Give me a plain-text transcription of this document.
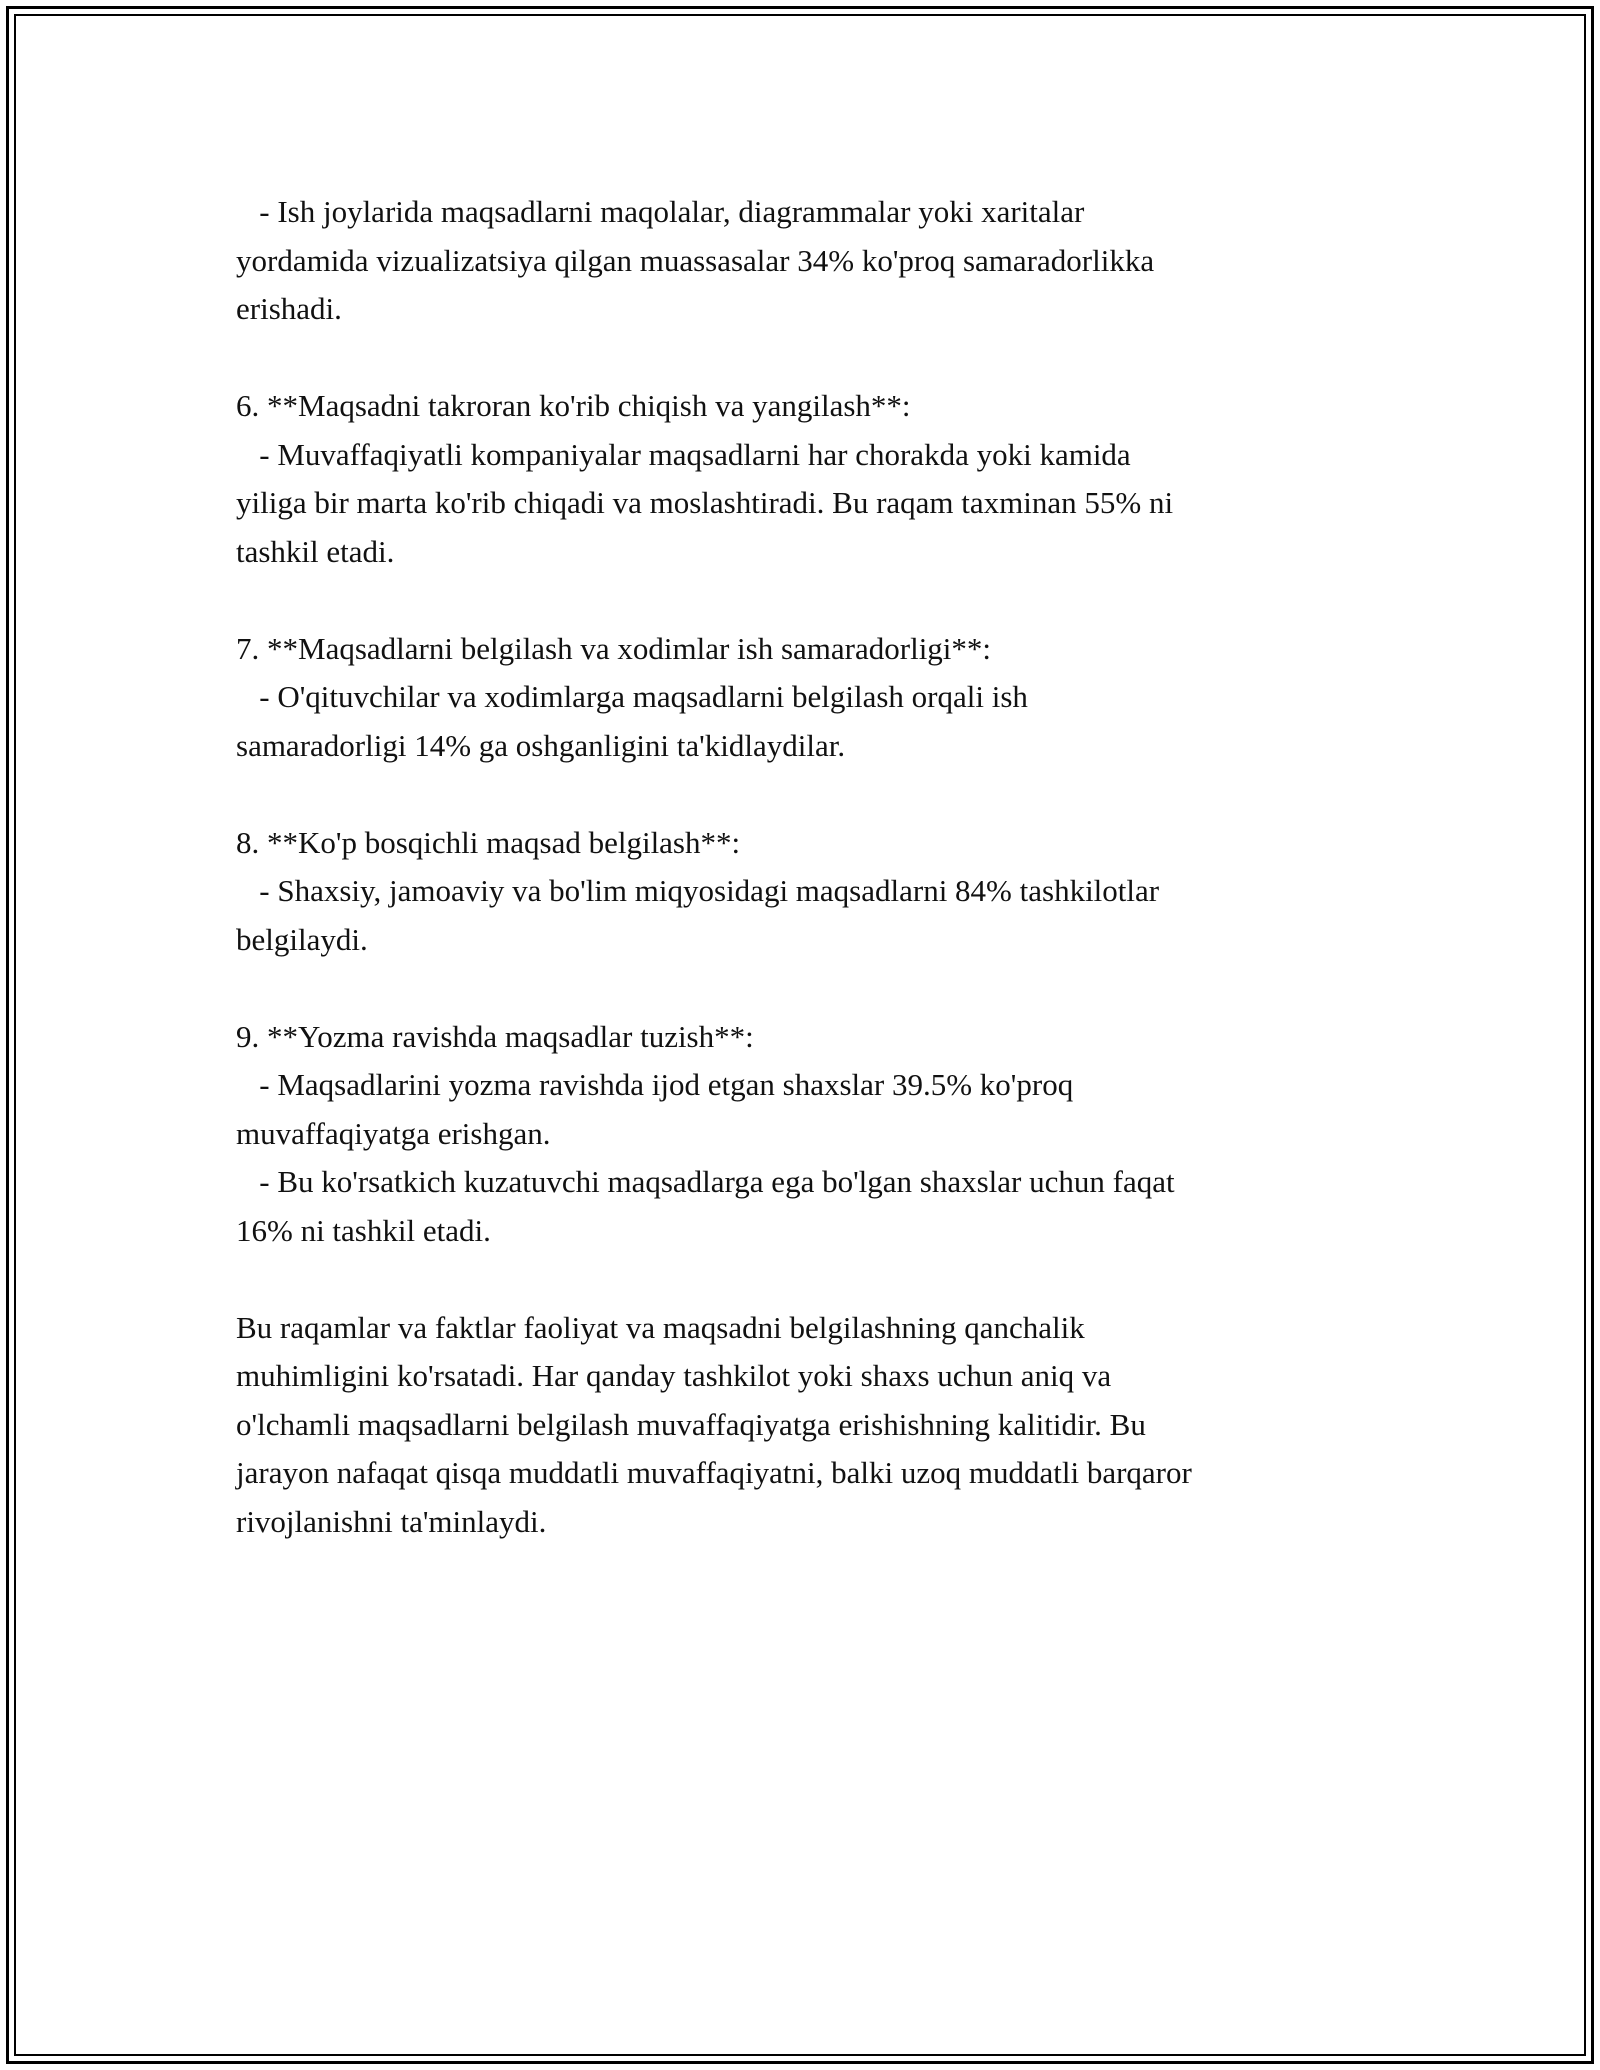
- Ish joylarida maqsadlarni maqolalar, diagrammalar yoki xaritalar

yordamida vizualizatsiya qilgan muassasalar 34% ko'proq samaradorlikka

erishadi.

6. **Maqsadni takroran ko'rib chiqish va yangilash**:

- Muvaffaqiyatli kompaniyalar maqsadlarni har chorakda yoki kamida

yiliga bir marta ko'rib chiqadi va moslashtiradi. Bu raqam taxminan 55% ni

tashkil etadi.

7. **Maqsadlarni belgilash va xodimlar ish samaradorligi**:

- O'qituvchilar va xodimlarga maqsadlarni belgilash orqali ish

samaradorligi 14% ga oshganligini ta'kidlaydilar.

8. **Ko'p bosqichli maqsad belgilash**:

- Shaxsiy, jamoaviy va bo'lim miqyosidagi maqsadlarni 84% tashkilotlar

belgilaydi.

9. **Yozma ravishda maqsadlar tuzish**:

- Maqsadlarini yozma ravishda ijod etgan shaxslar 39.5% ko'proq

muvaffaqiyatga erishgan.

- Bu ko'rsatkich kuzatuvchi maqsadlarga ega bo'lgan shaxslar uchun faqat

16% ni tashkil etadi.

Bu raqamlar va faktlar faoliyat va maqsadni belgilashning qanchalik

muhimligini ko'rsatadi. Har qanday tashkilot yoki shaxs uchun aniq va

o'lchamli maqsadlarni belgilash muvaffaqiyatga erishishning kalitidir. Bu

jarayon nafaqat qisqa muddatli muvaffaqiyatni, balki uzoq muddatli barqaror

rivojlanishni ta'minlaydi.
